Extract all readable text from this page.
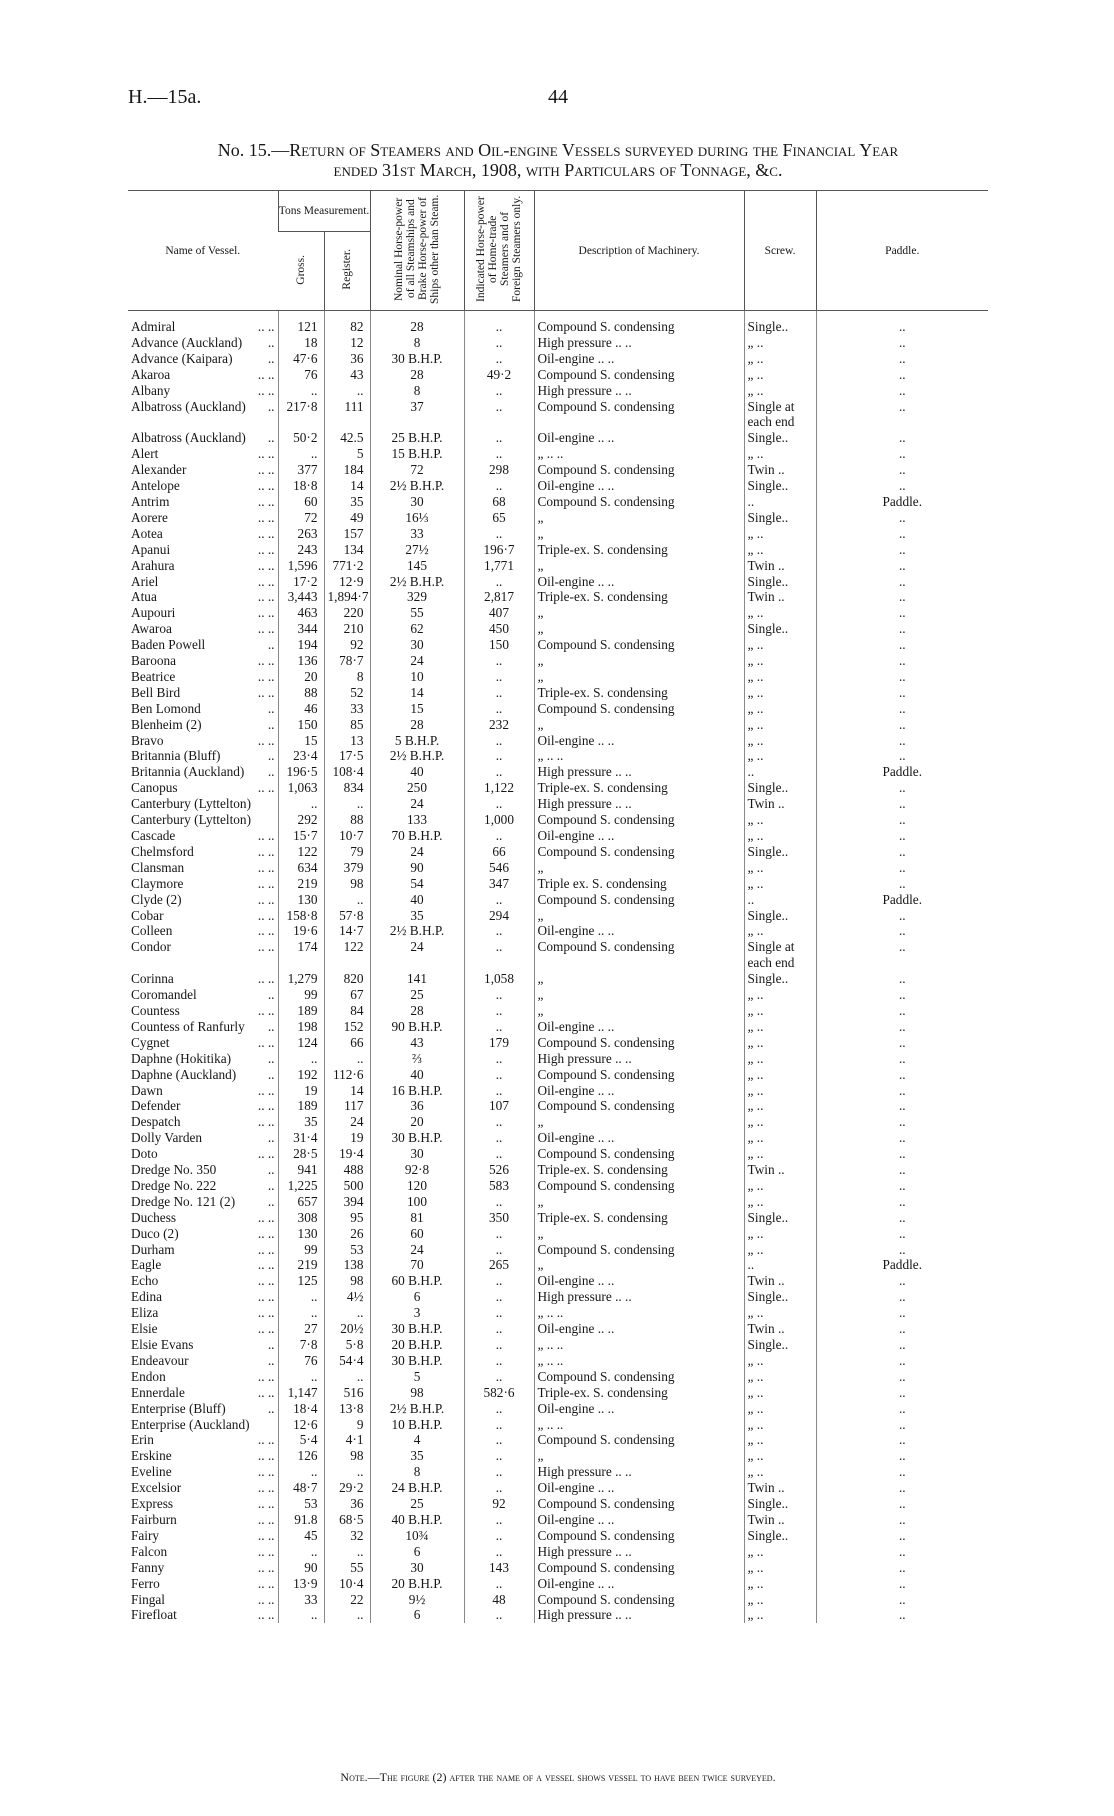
H.—15a.	44
No. 15.—Return of Steamers and Oil-engine Vessels surveyed during the Financial Year
ended 31st March, 1908, with Particulars of Tonnage, &c.
Name of Vessel.	Tons Measurement.		Nominal Horse-power of all Steamships and Brake Horse-power of Ships other than Steam.	Indicated Horse-power of Home-trade Steamers and of Foreign Steamers only.	Description of Machinery.	Screw.	Paddle.
	Gross.	Register.					
Admiral .. ..	121	82	28	..	Compound S. condensing	Single..	..
Advance (Auckland) ..	18	12	8	..	High pressure .. ..	„ ..	..
Advance (Kaipara) ..	47·6	36	30 B.H.P.	..	Oil-engine .. ..	„ ..	..
Akaroa .. ..	76	43	28	49·2	Compound S. condensing	„ ..	..
Albany .. ..	..	..	8	..	High pressure .. ..	„ ..	..
Albatross (Auckland) ..	217·8	111	37	..	Compound S. condensing	Single at	..

						each end	
Albatross (Auckland) ..	50·2	42.5	25 B.H.P.	..	Oil-engine .. ..	Single..	..
Alert .. ..	..	5	15 B.H.P.	..	„ .. ..	„ ..	..
Alexander .. ..	377	184	72	298	Compound S. condensing	Twin ..	..
Antelope .. ..	18·8	14	2½ B.H.P.	..	Oil-engine .. ..	Single..	..
Antrim .. ..	60	35	30	68	Compound S. condensing	..	Paddle.
Aorere .. ..	72	49	16⅓	65	„	Single..	..
Aotea .. ..	263	157	33	..	„	„ ..	..
Apanui .. ..	243	134	27½	196·7	Triple-ex. S. condensing	„ ..	..
Arahura .. ..	1,596	771·2	145	1,771	„	Twin ..	..
Ariel .. ..	17·2	12·9	2½ B.H.P.	..	Oil-engine .. ..	Single..	..
Atua .. ..	3,443	1,894·7	329	2,817	Triple-ex. S. condensing	Twin ..	..
Aupouri .. ..	463	220	55	407	„	„ ..	..
Awaroa .. ..	344	210	62	450	„	Single..	..
Baden Powell ..	194	92	30	150	Compound S. condensing	„ ..	..
Baroona .. ..	136	78·7	24	..	„	„ ..	..
Beatrice .. ..	20	8	10	..	„	„ ..	..
Bell Bird .. ..	88	52	14	..	Triple-ex. S. condensing	„ ..	..
Ben Lomond ..	46	33	15	..	Compound S. condensing	„ ..	..
Blenheim (2) ..	150	85	28	232	„	„ ..	..
Bravo .. ..	15	13	5 B.H.P.	..	Oil-engine .. ..	„ ..	..
Britannia (Bluff) ..	23·4	17·5	2½ B.H.P.	..	„ .. ..	„ ..	..
Britannia (Auckland) ..	196·5	108·4	40	..	High pressure .. ..	..	Paddle.
Canopus .. ..	1,063	834	250	1,122	Triple-ex. S. condensing	Single..	..
Canterbury (Lyttelton)	..	..	24	..	High pressure .. ..	Twin ..	..
Canterbury (Lyttelton)	292	88	133	1,000	Compound S. condensing	„ ..	..
Cascade .. ..	15·7	10·7	70 B.H.P.	..	Oil-engine .. ..	„ ..	..
Chelmsford .. ..	122	79	24	66	Compound S. condensing	Single..	..
Clansman .. ..	634	379	90	546	„	„ ..	..
Claymore .. ..	219	98	54	347	Triple ex. S. condensing	„ ..	..
Clyde (2) .. ..	130	..	40	..	Compound S. condensing	..	Paddle.
Cobar .. ..	158·8	57·8	35	294	„	Single..	..
Colleen .. ..	19·6	14·7	2½ B.H.P.	..	Oil-engine .. ..	„ ..	..
Condor .. ..	174	122	24	..	Compound S. condensing	Single at	..

						each end	
Corinna .. ..	1,279	820	141	1,058	„	Single..	..
Coromandel ..	99	67	25	..	„	„ ..	..
Countess .. ..	189	84	28	..	„	„ ..	..
Countess of Ranfurly ..	198	152	90 B.H.P.	..	Oil-engine .. ..	„ ..	..
Cygnet .. ..	124	66	43	179	Compound S. condensing	„ ..	..
Daphne (Hokitika) ..	..	..	⅔	..	High pressure .. ..	„ ..	..
Daphne (Auckland) ..	192	112·6	40	..	Compound S. condensing	„ ..	..
Dawn .. ..	19	14	16 B.H.P.	..	Oil-engine .. ..	„ ..	..
Defender .. ..	189	117	36	107	Compound S. condensing	„ ..	..
Despatch .. ..	35	24	20	..	„	„ ..	..
Dolly Varden ..	31·4	19	30 B.H.P.	..	Oil-engine .. ..	„ ..	..
Doto .. ..	28·5	19·4	30	..	Compound S. condensing	„ ..	..
Dredge No. 350 ..	941	488	92·8	526	Triple-ex. S. condensing	Twin ..	..
Dredge No. 222 ..	1,225	500	120	583	Compound S. condensing	„ ..	..
Dredge No. 121 (2) ..	657	394	100	..	„	„ ..	..
Duchess .. ..	308	95	81	350	Triple-ex. S. condensing	Single..	..
Duco (2) .. ..	130	26	60	..	„	„ ..	..
Durham .. ..	99	53	24	..	Compound S. condensing	„ ..	..
Eagle .. ..	219	138	70	265	„	..	Paddle.
Echo .. ..	125	98	60 B.H.P.	..	Oil-engine .. ..	Twin ..	..
Edina .. ..	..	4½	6	..	High pressure .. ..	Single..	..
Eliza .. ..	..	..	3	..	„ .. ..	„ ..	..
Elsie .. ..	27	20½	30 B.H.P.	..	Oil-engine .. ..	Twin ..	..
Elsie Evans ..	7·8	5·8	20 B.H.P.	..	„ .. ..	Single..	..
Endeavour ..	76	54·4	30 B.H.P.	..	„ .. ..	„ ..	..
Endon .. ..	..	..	5	..	Compound S. condensing	„ ..	..
Ennerdale .. ..	1,147	516	98	582·6	Triple-ex. S. condensing	„ ..	..
Enterprise (Bluff) ..	18·4	13·8	2½ B.H.P.	..	Oil-engine .. ..	„ ..	..
Enterprise (Auckland)	12·6	9	10 B.H.P.	..	„ .. ..	„ ..	..
Erin .. ..	5·4	4·1	4	..	Compound S. condensing	„ ..	..
Erskine .. ..	126	98	35	..	„	„ ..	..
Eveline .. ..	..	..	8	..	High pressure .. ..	„ ..	..
Excelsior .. ..	48·7	29·2	24 B.H.P.	..	Oil-engine .. ..	Twin ..	..
Express .. ..	53	36	25	92	Compound S. condensing	Single..	..
Fairburn .. ..	91.8	68·5	40 B.H.P.	..	Oil-engine .. ..	Twin ..	..
Fairy .. ..	45	32	10¾	..	Compound S. condensing	Single..	..
Falcon .. ..	..	..	6	..	High pressure .. ..	„ ..	..
Fanny .. ..	90	55	30	143	Compound S. condensing	„ ..	..
Ferro .. ..	13·9	10·4	20 B.H.P.	..	Oil-engine .. ..	„ ..	..
Fingal .. ..	33	22	9½	48	Compound S. condensing	„ ..	..
Firefloat .. ..	..	..	6	..	High pressure .. ..	„ ..	..
Note.—The figure (2) after the name of a vessel shows vessel to have been twice surveyed.
